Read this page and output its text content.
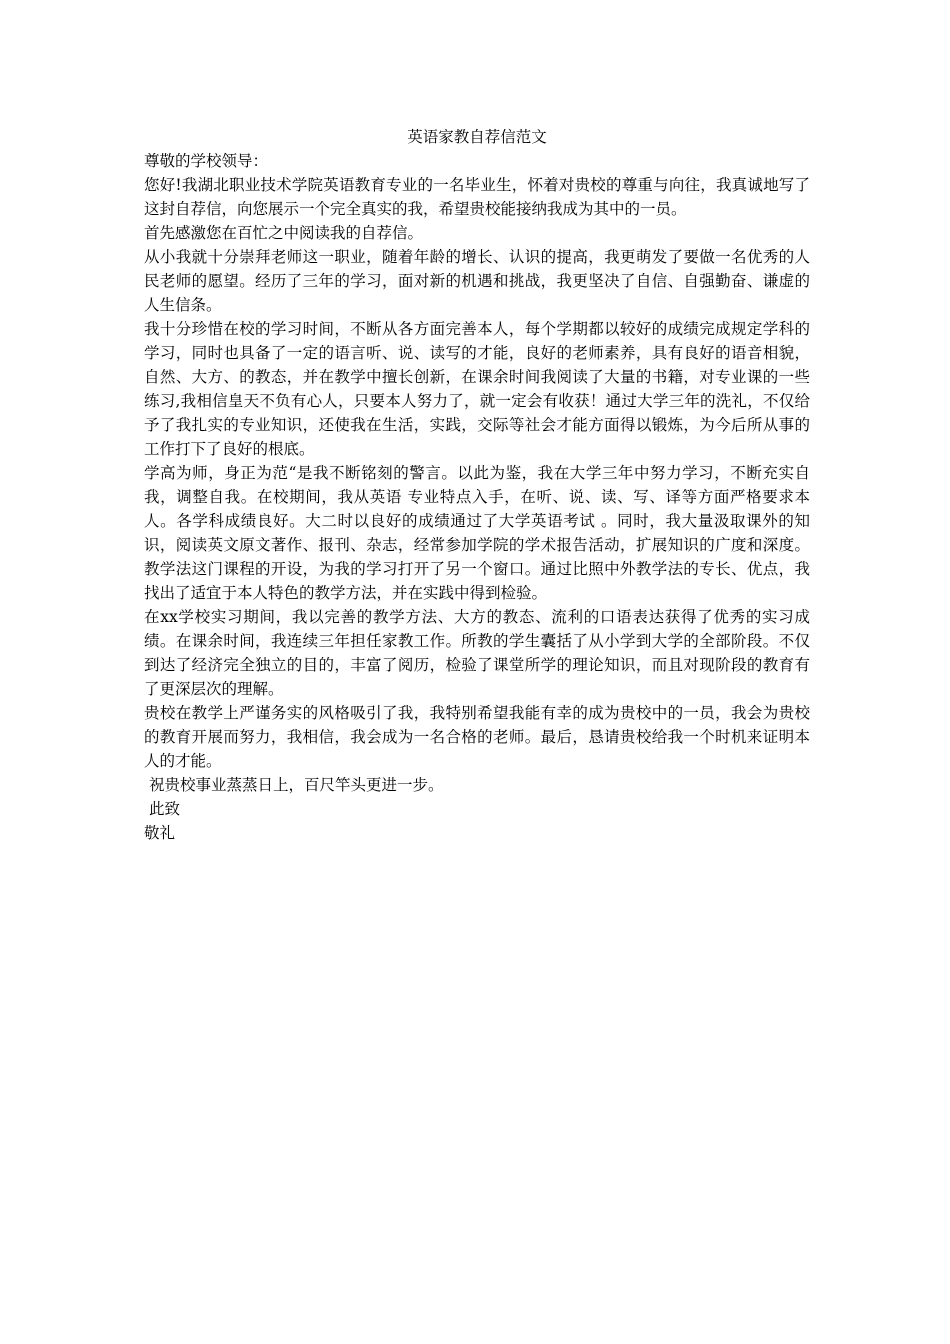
英语家教自荐信范文

尊敬的学校领导：

您好!我湖北职业技术学院英语教育专业的一名毕业生，怀着对贵校的尊重与向往，我真诚地写了这封自荐信，向您展示一个完全真实的我，希望贵校能接纳我成为其中的一员。

首先感激您在百忙之中阅读我的自荐信。

从小我就十分崇拜老师这一职业，随着年龄的增长、认识的提高，我更萌发了要做一名优秀的人民老师的愿望。经历了三年的学习，面对新的机遇和挑战，我更坚决了自信、自强勤奋、谦虚的人生信条。

我十分珍惜在校的学习时间，不断从各方面完善本人，每个学期都以较好的成绩完成规定学科的学习，同时也具备了一定的语言听、说、读写的才能，良好的老师素养，具有良好的语音相貌，自然、大方、的教态，并在教学中擅长创新，在课余时间我阅读了大量的书籍，对专业课的一些练习,我相信皇天不负有心人，只要本人努力了，就一定会有收获！通过大学三年的洗礼，不仅给予了我扎实的专业知识，还使我在生活，实践，交际等社会才能方面得以锻炼，为今后所从事的工作打下了良好的根底。

学高为师，身正为范“是我不断铭刻的警言。以此为鉴，我在大学三年中努力学习，不断充实自我，调整自我。在校期间，我从英语 专业特点入手，在听、说、读、写、译等方面严格要求本人。各学科成绩良好。大二时以良好的成绩通过了大学英语考试 。同时，我大量汲取课外的知识，阅读英文原文著作、报刊、杂志，经常参加学院的学术报告活动，扩展知识的广度和深度。教学法这门课程的开设，为我的学习打开了另一个窗口。通过比照中外教学法的专长、优点，我找出了适宜于本人特色的教学方法，并在实践中得到检验。

在xx学校实习期间，我以完善的教学方法、大方的教态、流利的口语表达获得了优秀的实习成绩。在课余时间，我连续三年担任家教工作。所教的学生囊括了从小学到大学的全部阶段。不仅到达了经济完全独立的目的，丰富了阅历，检验了课堂所学的理论知识，而且对现阶段的教育有了更深层次的理解。

贵校在教学上严谨务实的风格吸引了我，我特别希望我能有幸的成为贵校中的一员，我会为贵校的教育开展而努力，我相信，我会成为一名合格的老师。最后，恳请贵校给我一个时机来证明本人的才能。

祝贵校事业蒸蒸日上，百尺竿头更进一步。

此致

敬礼
